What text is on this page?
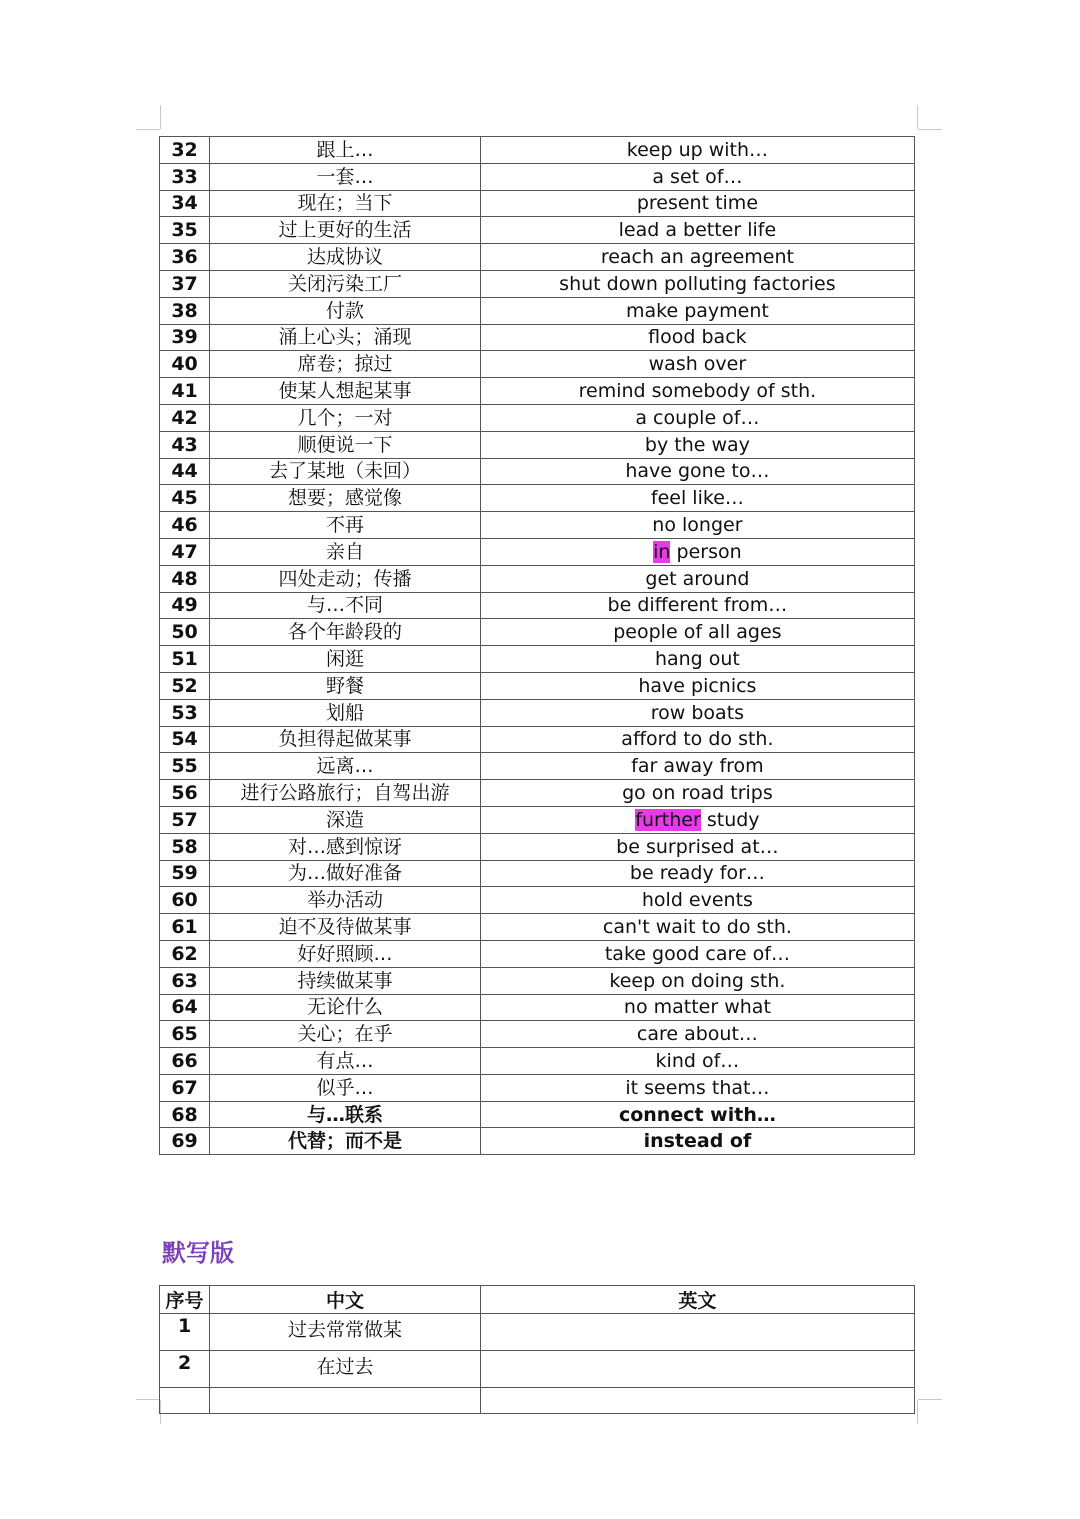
32	跟上…	keep up with…
33	一套…	a set of…
34	现在；当下	present time
35	过上更好的生活	lead a better life
36	达成协议	reach an agreement
37	关闭污染工厂	shut down polluting factories
38	付款	make payment
39	涌上心头；涌现	flood back
40	席卷；掠过	wash over
41	使某人想起某事	remind somebody of sth.
42	几个；一对	a couple of…
43	顺便说一下	by the way
44	去了某地（未回）	have gone to…
45	想要；感觉像	feel like…
46	不再	no longer
47	亲自	in person
48	四处走动；传播	get around
49	与…不同	be different from…
50	各个年龄段的	people of all ages
51	闲逛	hang out
52	野餐	have picnics
53	划船	row boats
54	负担得起做某事	afford to do sth.
55	远离…	far away from
56	进行公路旅行；自驾出游	go on road trips
57	深造	further study
58	对…感到惊讶	be surprised at…
59	为…做好准备	be ready for…
60	举办活动	hold events
61	迫不及待做某事	can't wait to do sth.
62	好好照顾…	take good care of…
63	持续做某事	keep on doing sth.
64	无论什么	no matter what
65	关心；在乎	care about…
66	有点…	kind of…
67	似乎…	it seems that…
68	与…联系	connect with…
69	代替；而不是	instead of
默写版
序号	中文	英文
1	过去常常做某	
2	在过去	
